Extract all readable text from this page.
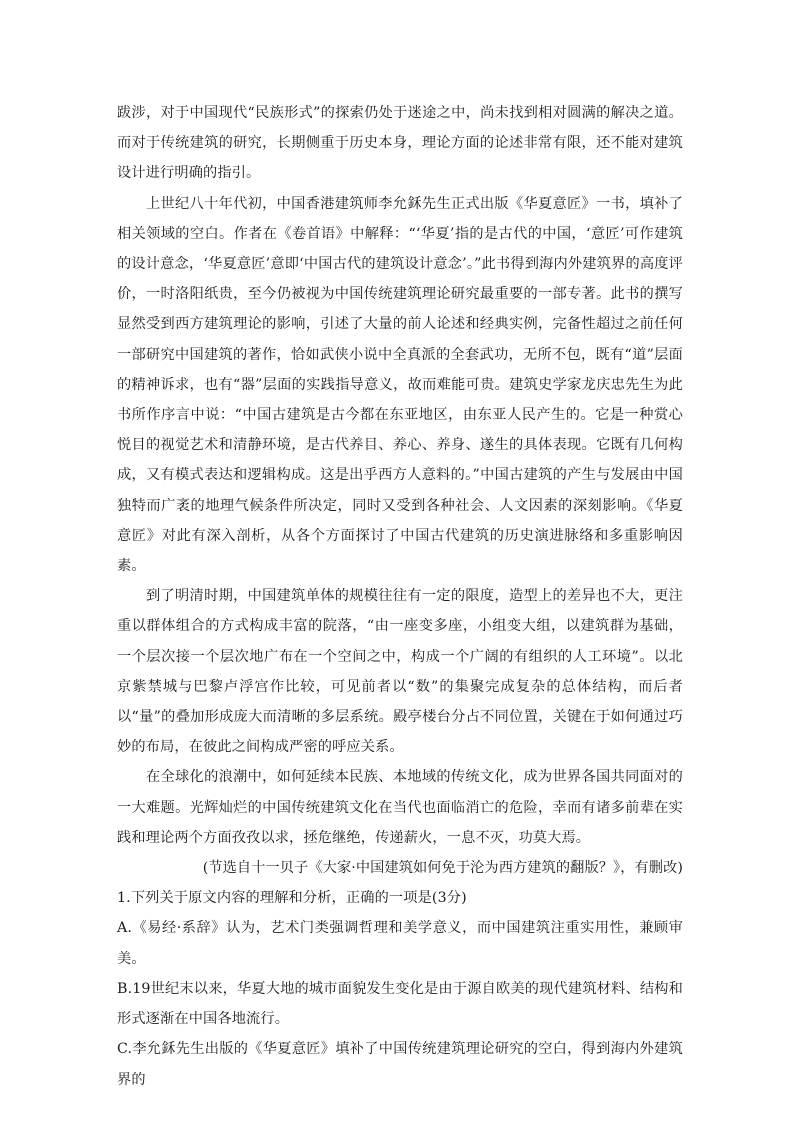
跋涉，对于中国现代“民族形式”的探索仍处于迷途之中，尚未找到相对圆满的解决之道。而对于传统建筑的研究，长期侧重于历史本身，理论方面的论述非常有限，还不能对建筑设计进行明确的指引。

上世纪八十年代初，中国香港建筑师李允鉌先生正式出版《华夏意匠》一书，填补了相关领域的空白。作者在《卷首语》中解释：“‘华夏’指的是古代的中国，‘意匠’可作建筑的设计意念，‘华夏意匠’意即‘中国古代的建筑设计意念’。”此书得到海内外建筑界的高度评价，一时洛阳纸贵，至今仍被视为中国传统建筑理论研究最重要的一部专著。此书的撰写显然受到西方建筑理论的影响，引述了大量的前人论述和经典实例，完备性超过之前任何一部研究中国建筑的著作，恰如武侠小说中全真派的全套武功，无所不包，既有“道”层面的精神诉求，也有“器”层面的实践指导意义，故而难能可贵。建筑史学家龙庆忠先生为此书所作序言中说：“中国古建筑是古今都在东亚地区，由东亚人民产生的。它是一种赏心悦目的视觉艺术和清静环境，是古代养目、养心、养身、遂生的具体表现。它既有几何构成，又有模式表达和逻辑构成。这是出乎西方人意料的。”中国古建筑的产生与发展由中国独特而广袤的地理气候条件所决定，同时又受到各种社会、人文因素的深刻影响。《华夏意匠》对此有深入剖析，从各个方面探讨了中国古代建筑的历史演进脉络和多重影响因素。

到了明清时期，中国建筑单体的规模往往有一定的限度，造型上的差异也不大，更注重以群体组合的方式构成丰富的院落，“由一座变多座，小组变大组，以建筑群为基础，一个层次接一个层次地广布在一个空间之中，构成一个广阔的有组织的人工环境”。以北京紫禁城与巴黎卢浮宫作比较，可见前者以“数”的集聚完成复杂的总体结构，而后者以“量”的叠加形成庞大而清晰的多层系统。殿亭楼台分占不同位置，关键在于如何通过巧妙的布局，在彼此之间构成严密的呼应关系。

在全球化的浪潮中，如何延续本民族、本地域的传统文化，成为世界各国共同面对的一大难题。光辉灿烂的中国传统建筑文化在当代也面临消亡的危险，幸而有诸多前辈在实践和理论两个方面孜孜以求，拯危继绝，传递薪火，一息不灭，功莫大焉。

(节选自十一贝子《大家·中国建筑如何免于沦为西方建筑的翻版？》，有删改)

1.下列关于原文内容的理解和分析，正确的一项是(3分)

A.《易经·系辞》认为，艺术门类强调哲理和美学意义，而中国建筑注重实用性，兼顾审美。

B.19世纪末以来，华夏大地的城市面貌发生变化是由于源自欧美的现代建筑材料、结构和形式逐渐在中国各地流行。

C.李允鉌先生出版的《华夏意匠》填补了中国传统建筑理论研究的空白，得到海内外建筑界的
